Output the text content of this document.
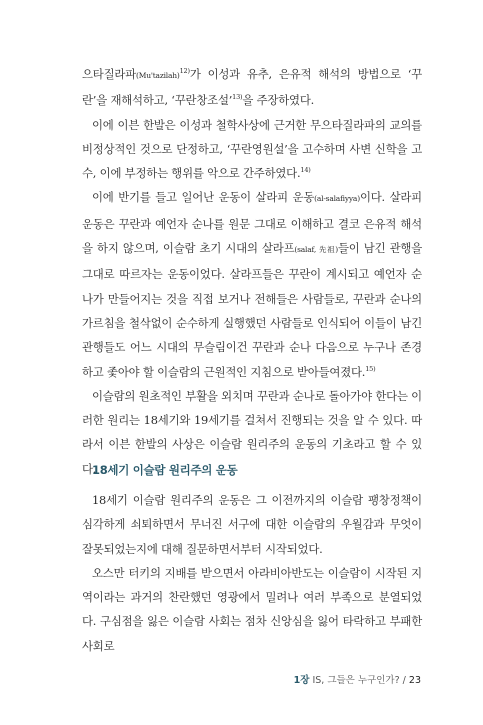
으타질라파(Mu'tazilah)$^{12)}$가 이성과 유추, 은유적 해석의 방법으로 ‘꾸란’을 재해석하고, ‘꾸란창조설’$^{13)}$을 주장하였다.

이에 이븐 한발은 이성과 철학사상에 근거한 무으타질라파의 교의를 비정상적인 것으로 단정하고, ‘꾸란영원설’을 고수하며 사변 신학을 고수, 이에 부정하는 행위를 악으로 간주하였다.$^{14)}$

이에 반기를 들고 일어난 운동이 살라피 운동(al-salafiyya)이다. 살라피 운동은 꾸란과 예언자 순나를 원문 그대로 이해하고 결코 은유적 해석을 하지 않으며, 이슬람 초기 시대의 살라프(salaf, 先祖)들이 남긴 관행을 그대로 따르자는 운동이었다. 살라프들은 꾸란이 계시되고 예언자 순나가 만들어지는 것을 직접 보거나 전해들은 사람들로, 꾸란과 순나의 가르침을 철삭없이 순수하게 실행했던 사람들로 인식되어 이들이 남긴 관행들도 어느 시대의 무슬림이건 꾸란과 순나 다음으로 누구나 존경하고 좇아야 할 이슬람의 근원적인 지침으로 받아들여졌다.$^{15)}$

이슬람의 원초적인 부활을 외치며 꾸란과 순나로 돌아가야 한다는 이러한 원리는 18세기와 19세기를 걸쳐서 진행되는 것을 알 수 있다. 따라서 이븐 한발의 사상은 이슬람 원리주의 운동의 기초라고 할 수 있다.

18세기 이슬람 원리주의 운동

18세기 이슬람 원리주의 운동은 그 이전까지의 이슬람 팽창정책이 심각하게 쇠퇴하면서 무너진 서구에 대한 이슬람의 우월감과 무엇이 잘못되었는지에 대해 질문하면서부터 시작되었다.

오스만 터키의 지배를 받으면서 아라비아반도는 이슬람이 시작된 지역이라는 과거의 찬란했던 영광에서 밀려나 여러 부족으로 분열되었다. 구심점을 잃은 이슬람 사회는 점차 신앙심을 잃어 타락하고 부패한 사회로

1장 IS, 그들은 누구인가? / 23
